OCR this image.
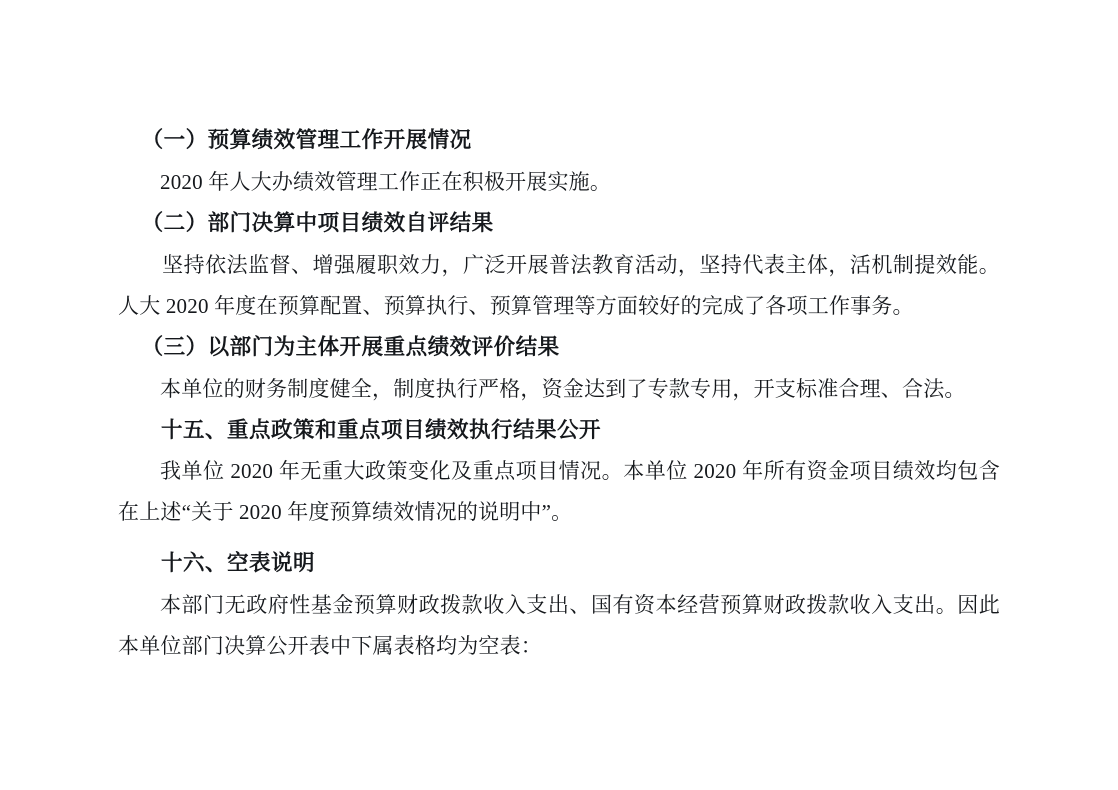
（一）预算绩效管理工作开展情况

2020 年人大办绩效管理工作正在积极开展实施。

（二）部门决算中项目绩效自评结果

坚持依法监督、增强履职效力，广泛开展普法教育活动，坚持代表主体，活机制提效能。人大 2020 年度在预算配置、预算执行、预算管理等方面较好的完成了各项工作事务。

（三）以部门为主体开展重点绩效评价结果

本单位的财务制度健全，制度执行严格，资金达到了专款专用，开支标准合理、合法。

十五、重点政策和重点项目绩效执行结果公开

我单位 2020 年无重大政策变化及重点项目情况。本单位 2020 年所有资金项目绩效均包含在上述“关于 2020 年度预算绩效情况的说明中”。

十六、空表说明

本部门无政府性基金预算财政拨款收入支出、国有资本经营预算财政拨款收入支出。因此本单位部门决算公开表中下属表格均为空表：
